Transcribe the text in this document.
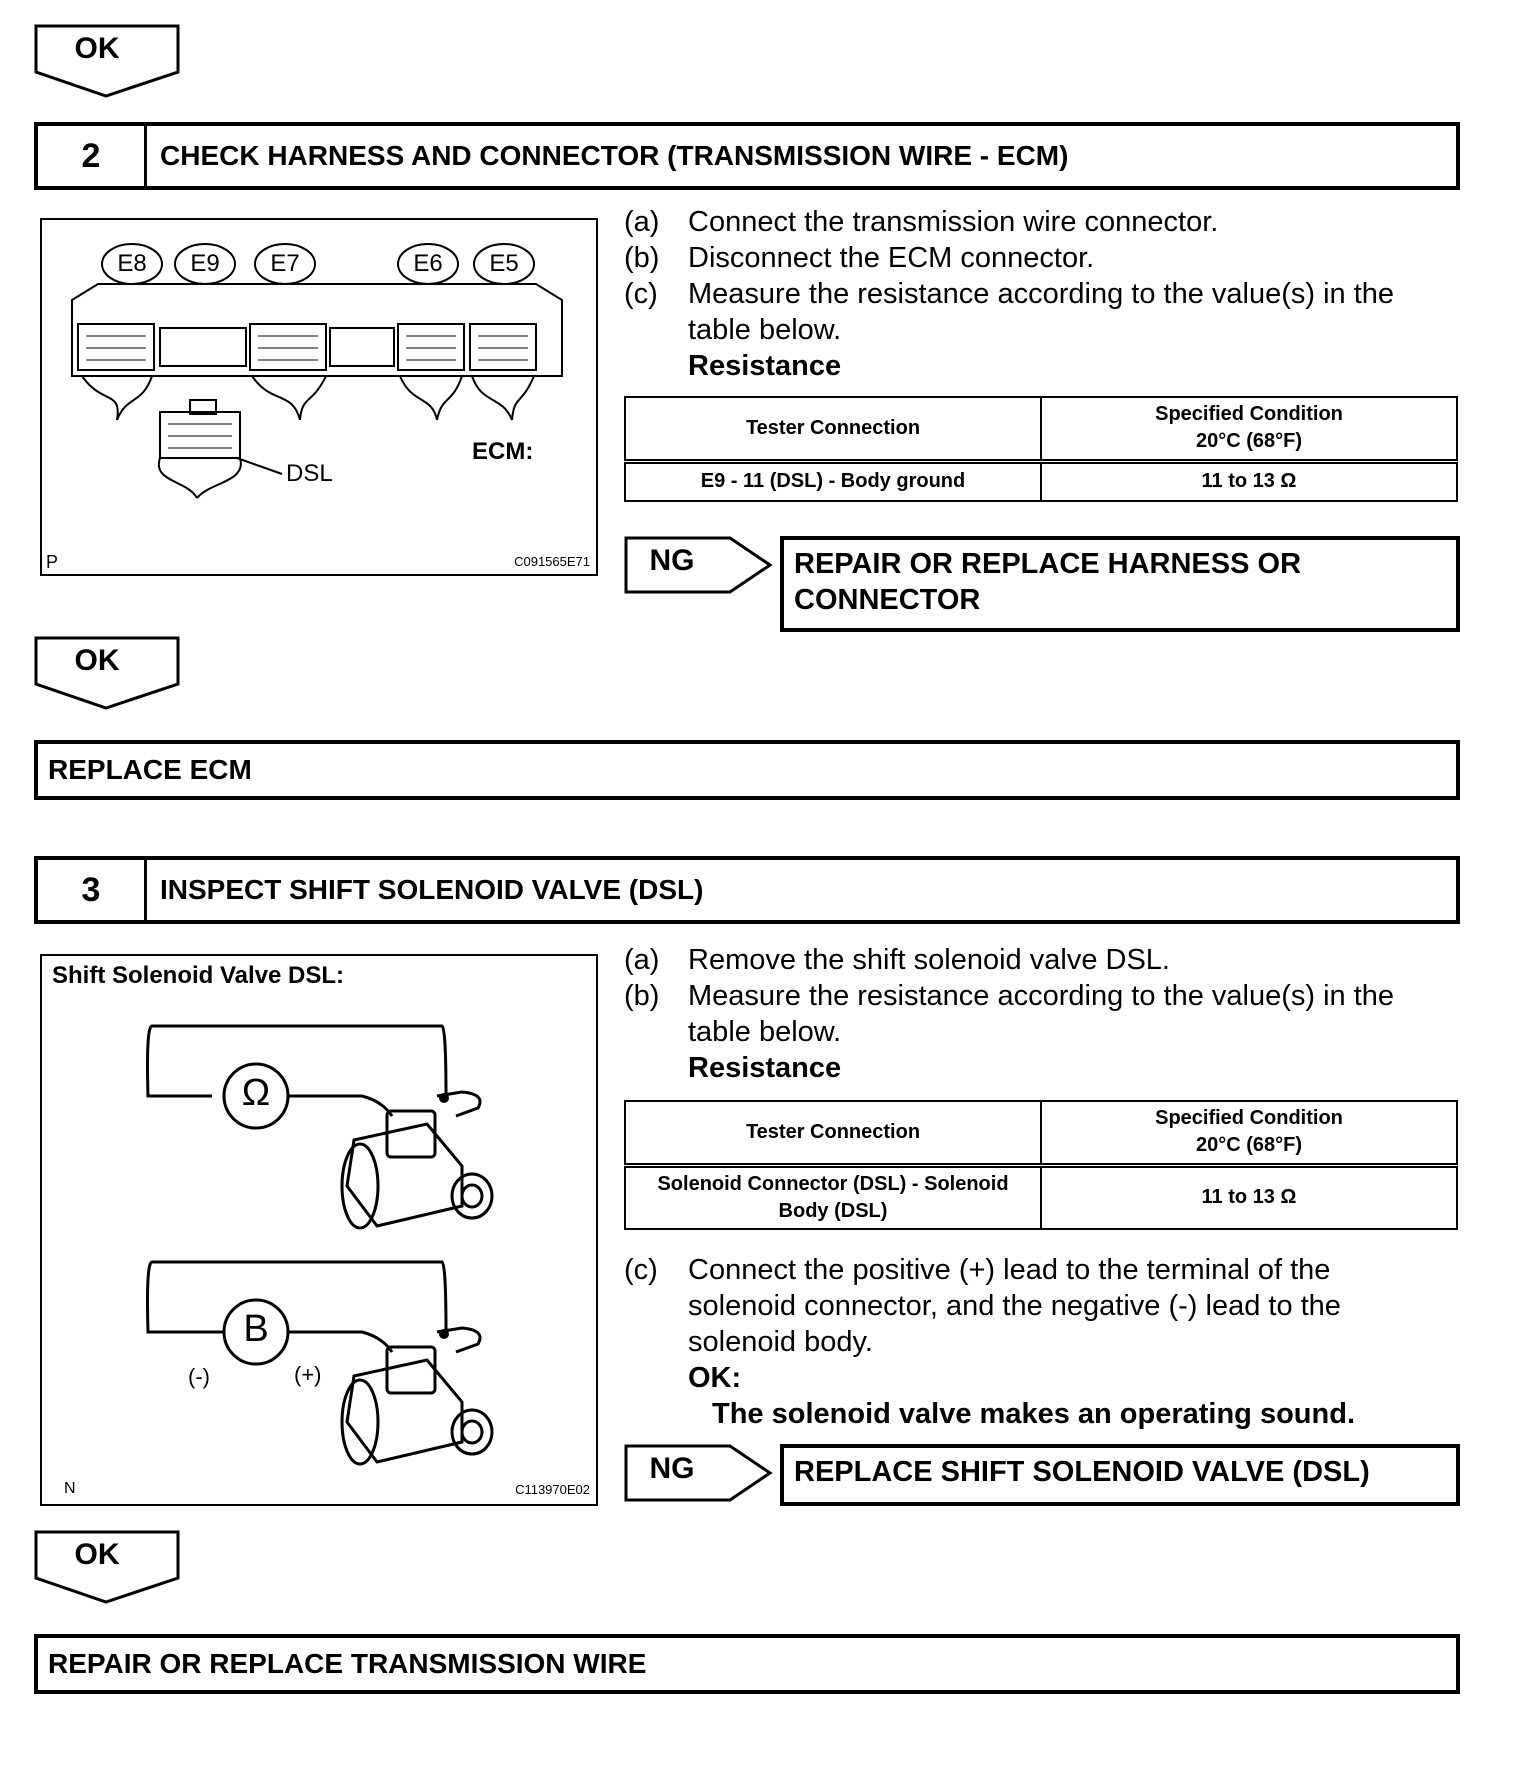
OK
2	CHECK HARNESS AND CONNECTOR (TRANSMISSION WIRE - ECM)
E8	E9	E7	E6	E5
DSL
ECM:
P	C091565E71
(a) Connect the transmission wire connector.
(b) Disconnect the ECM connector.
(c) Measure the resistance according to the value(s) in the table below.
Resistance
Tester Connection	Specified Condition
20°C (68°F)

E9 - 11 (DSL) - Body ground	11 to 13 Ω
NG	REPAIR OR REPLACE HARNESS OR CONNECTOR
OK
REPLACE ECM
3	INSPECT SHIFT SOLENOID VALVE (DSL)
Shift Solenoid Valve DSL:
Ω
B
(-)	(+)
N	C113970E02
(a) Remove the shift solenoid valve DSL.
(b) Measure the resistance according to the value(s) in the table below.
Resistance
Tester Connection	Specified Condition
20°C (68°F)

Solenoid Connector (DSL) - Solenoid Body (DSL)	11 to 13 Ω
(c) Connect the positive (+) lead to the terminal of the solenoid connector, and the negative (-) lead to the solenoid body.
OK:
The solenoid valve makes an operating sound.
NG	REPLACE SHIFT SOLENOID VALVE (DSL)
OK
REPAIR OR REPLACE TRANSMISSION WIRE
